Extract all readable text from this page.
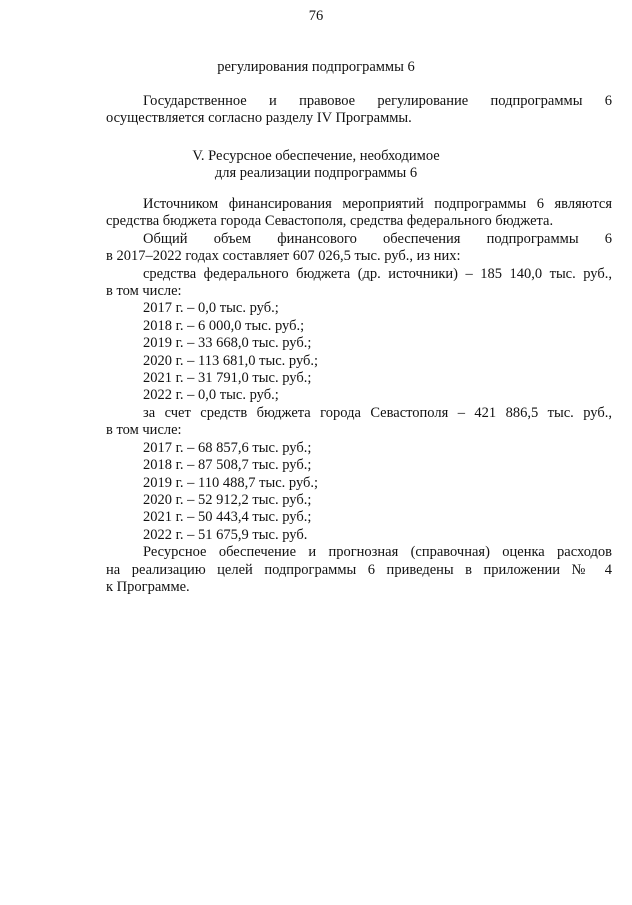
76
регулирования подпрограммы 6

Государственное и правовое регулирование подпрограммы 6

осуществляется согласно разделу IV Программы.

V. Ресурсное обеспечение, необходимое
для реализации подпрограммы 6

Источником финансирования мероприятий подпрограммы 6 являются

средства бюджета города Севастополя, средства федерального бюджета.

Общий объем финансового обеспечения подпрограммы 6

в 2017–2022 годах составляет 607 026,5 тыс. руб., из них:

средства федерального бюджета (др. источники) – 185 140,0 тыс. руб.,

в том числе:

2017 г. – 0,0 тыс. руб.;

2018 г. – 6 000,0 тыс. руб.;

2019 г. – 33 668,0 тыс. руб.;

2020 г. – 113 681,0 тыс. руб.;

2021 г. – 31 791,0 тыс. руб.;

2022 г. – 0,0 тыс. руб.;

за счет средств бюджета города Севастополя – 421 886,5 тыс. руб.,

в том числе:

2017 г. – 68 857,6 тыс. руб.;

2018 г. – 87 508,7 тыс. руб.;

2019 г. – 110 488,7 тыс. руб.;

2020 г. – 52 912,2 тыс. руб.;

2021 г. – 50 443,4 тыс. руб.;

2022 г. – 51 675,9 тыс. руб.

Ресурсное обеспечение и прогнозная (справочная) оценка расходов

на реализацию целей подпрограммы 6 приведены в приложении № 4

к Программе.
